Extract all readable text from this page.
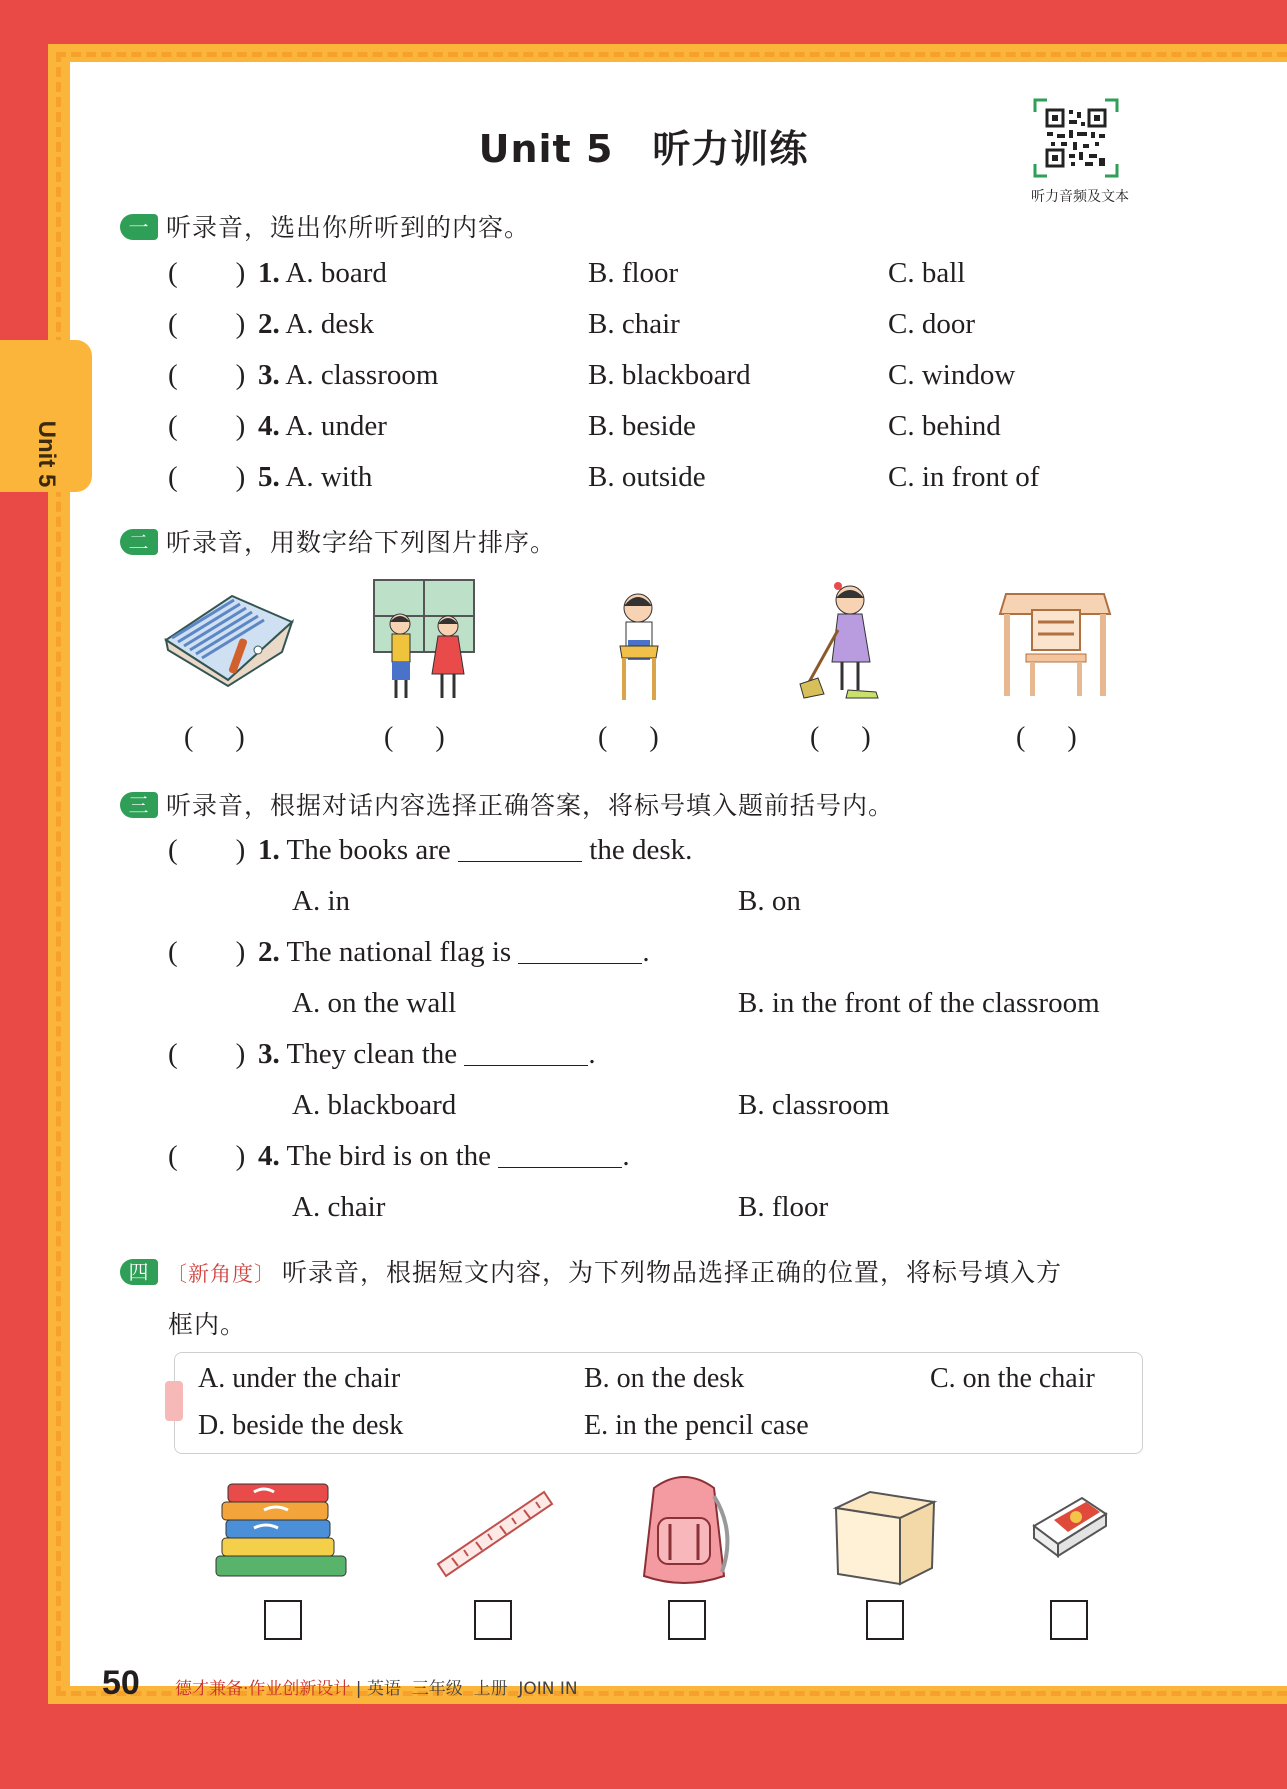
Unit 5
Unit 5　听力训练
听力音频及文本
一 听录音，选出你所听到的内容。
(        ) 1. A. board	B. floor	C. ball
(        ) 2. A. desk	B. chair	C. door
(        ) 3. A. classroom	B. blackboard	C. window
(        ) 4. A. under	B. beside	C. behind
(        ) 5. A. with	B. outside	C. in front of
二 听录音，用数字给下列图片排序。
(      )	(      )	(      )	(      )	(      )
三 听录音，根据对话内容选择正确答案，将标号填入题前括号内。
(        ) 1. The books are	the desk.
A. in	B. on
(        ) 2. The national flag is	.
A. on the wall	B. in the front of the classroom
(        ) 3. They clean the	.
A. blackboard	B. classroom
(        ) 4. The bird is on the	.
A. chair	B. floor
四 〔新角度〕 听录音，根据短文内容，为下列物品选择正确的位置，将标号填入方
框内。
A. under the chair	B. on the desk	C. on the chair
D. beside the desk	E. in the pencil case
50 德才兼备·作业创新设计 | 英语 三年级 上册 JOIN IN
